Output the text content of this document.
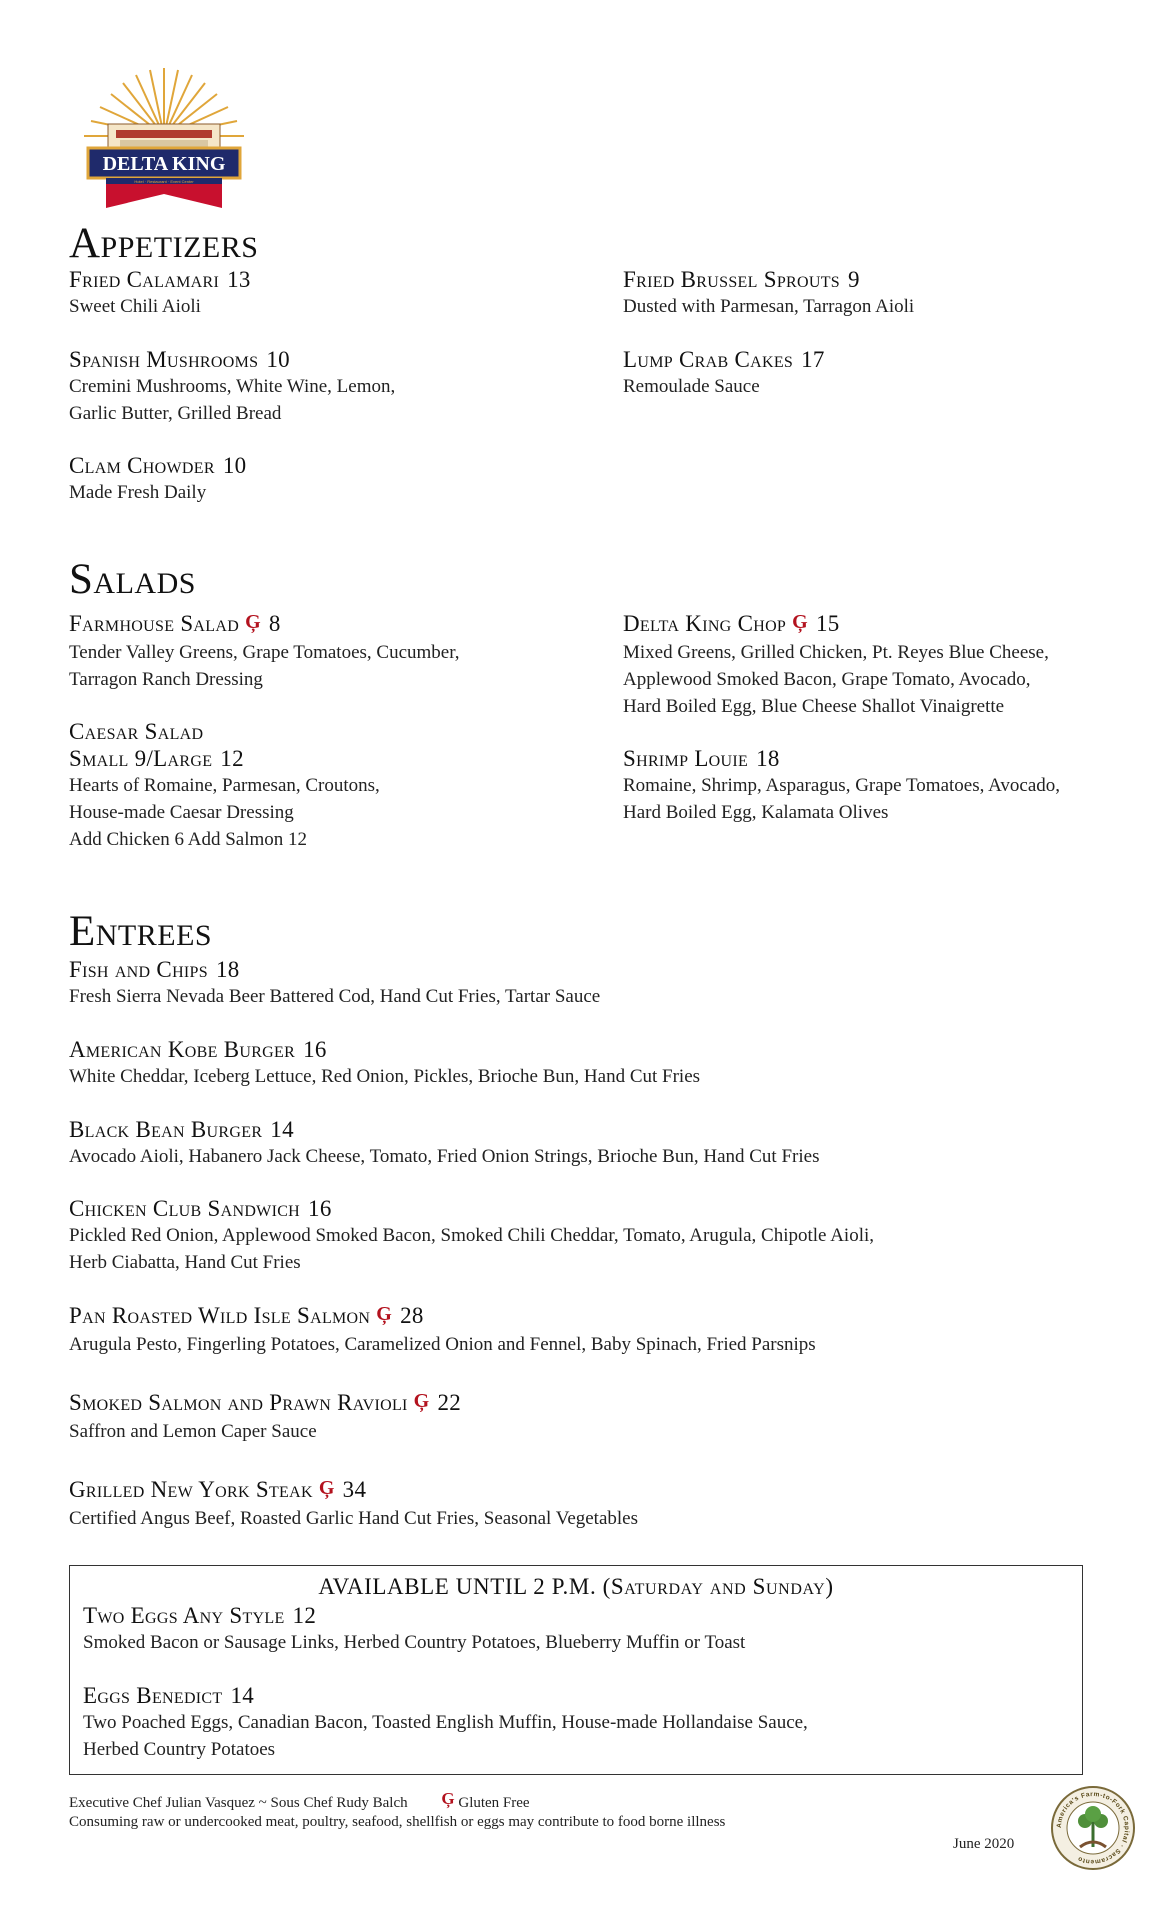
DELTA KING
Hotel · Restaurant · Event Center
Appetizers
Fried Calamari 13
Sweet Chili Aioli
Fried Brussel Sprouts 9
Dusted with Parmesan, Tarragon Aioli
Spanish Mushrooms 10
Cremini Mushrooms, White Wine, Lemon,
Garlic Butter, Grilled Bread
Lump Crab Cakes 17
Remoulade Sauce
Clam Chowder 10
Made Fresh Daily
Salads
Farmhouse Salad Ģ 8
Tender Valley Greens, Grape Tomatoes, Cucumber,
Tarragon Ranch Dressing
Delta King Chop Ģ 15
Mixed Greens, Grilled Chicken, Pt. Reyes Blue Cheese,
Applewood Smoked Bacon, Grape Tomato, Avocado,
Hard Boiled Egg, Blue Cheese Shallot Vinaigrette
Caesar Salad
Small 9/Large 12
Hearts of Romaine, Parmesan, Croutons,
House-made Caesar Dressing
Add Chicken 6 Add Salmon 12
Shrimp Louie 18
Romaine, Shrimp, Asparagus, Grape Tomatoes, Avocado,
Hard Boiled Egg, Kalamata Olives
Entrees
Fish and Chips 18
Fresh Sierra Nevada Beer Battered Cod, Hand Cut Fries, Tartar Sauce
American Kobe Burger 16
White Cheddar, Iceberg Lettuce, Red Onion, Pickles, Brioche Bun, Hand Cut Fries
Black Bean Burger 14
Avocado Aioli, Habanero Jack Cheese, Tomato, Fried Onion Strings, Brioche Bun, Hand Cut Fries
Chicken Club Sandwich 16
Pickled Red Onion, Applewood Smoked Bacon, Smoked Chili Cheddar, Tomato, Arugula, Chipotle Aioli,
Herb Ciabatta, Hand Cut Fries
Pan Roasted Wild Isle Salmon Ģ 28
Arugula Pesto, Fingerling Potatoes, Caramelized Onion and Fennel, Baby Spinach, Fried Parsnips
Smoked Salmon and Prawn Ravioli Ģ 22
Saffron and Lemon Caper Sauce
Grilled New York Steak Ģ 34
Certified Angus Beef, Roasted Garlic Hand Cut Fries, Seasonal Vegetables
AVAILABLE UNTIL 2 P.M. (Saturday and Sunday)
Two Eggs Any Style 12
Smoked Bacon or Sausage Links, Herbed Country Potatoes, Blueberry Muffin or Toast
Eggs Benedict 14
Two Poached Eggs, Canadian Bacon, Toasted English Muffin, House-made Hollandaise Sauce,
Herbed Country Potatoes
Executive Chef Julian Vasquez ~ Sous Chef Rudy Balch Ģ Gluten Free
Consuming raw or undercooked meat, poultry, seafood, shellfish or eggs may contribute to food borne illness
June 2020
America's Farm-to-Fork Capital · Sacramento
